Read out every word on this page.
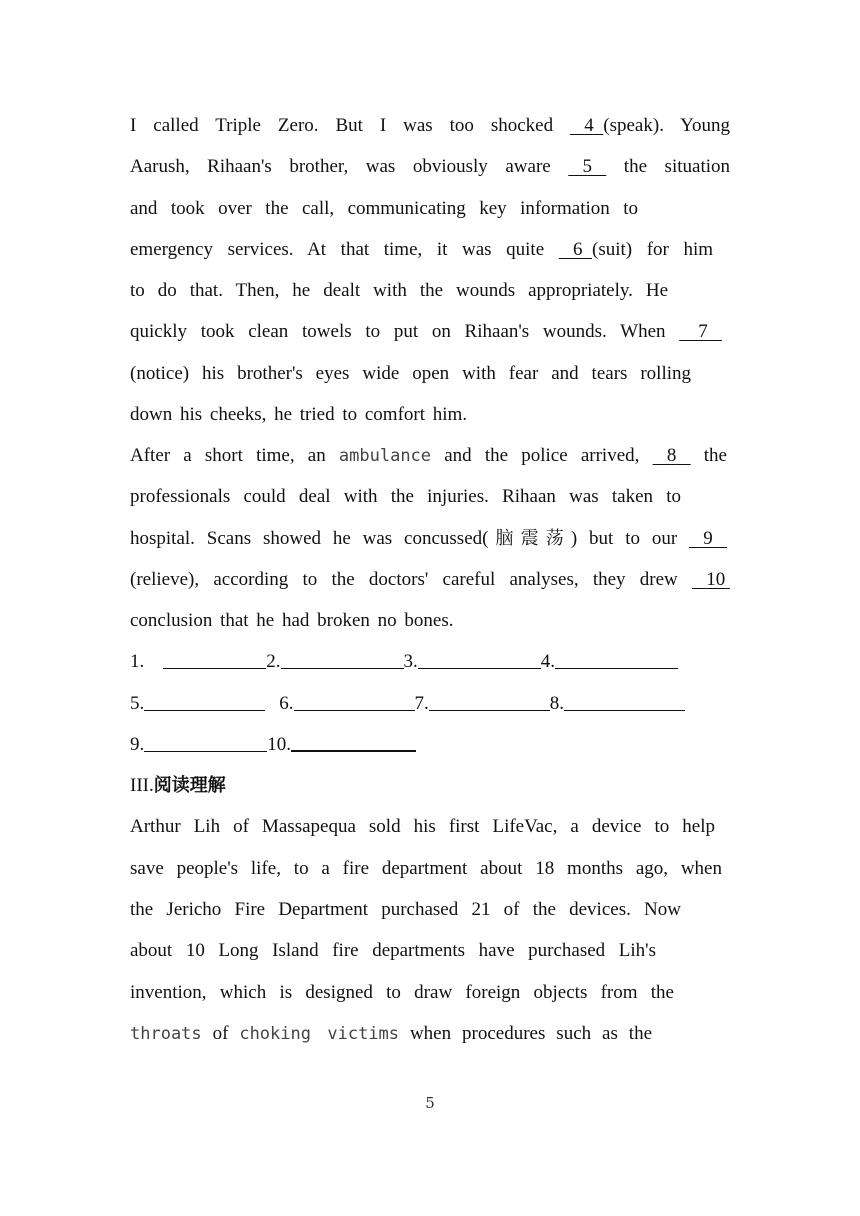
I called Triple Zero. But I was too shocked 4 (speak). Young
Aarush, Rihaan's brother, was obviously aware 5 the situation
and took over the call, communicating key information to
emergency services. At that time, it was quite 6 (suit) for him
to do that. Then, he dealt with the wounds appropriately. He
quickly took clean towels to put on Rihaan's wounds. When 7
(notice) his brother's eyes wide open with fear and tears rolling
down his cheeks, he tried to comfort him.
After a short time, an ambulance and the police arrived, 8 the
professionals could deal with the injuries. Rihaan was taken to
hospital. Scans showed he was concussed(脑震荡) but to our 9
(relieve), according to the doctors' careful analyses, they drew 10
conclusion that he had broken no bones.
1.	2.	3.	4.
5.	6.	7.	8.
9.	10.
III.阅读理解
Arthur Lih of Massapequa sold his first LifeVac, a device to help
save people's life, to a fire department about 18 months ago, when
the Jericho Fire Department purchased 21 of the devices. Now
about 10 Long Island fire departments have purchased Lih's
invention, which is designed to draw foreign objects from the
throats of choking victims when procedures such as the
5
